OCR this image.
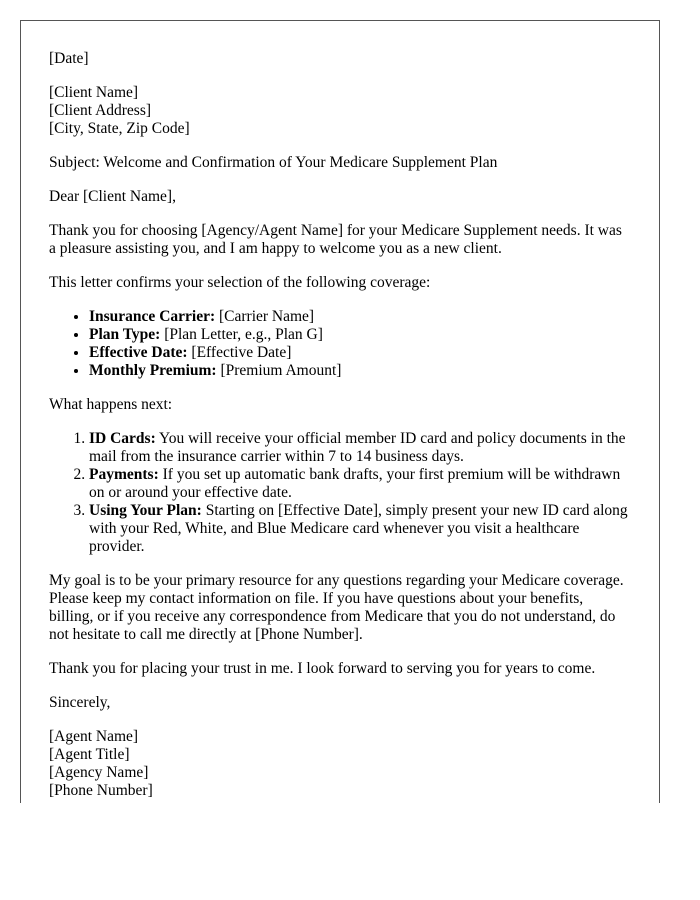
[Date]

[Client Name]
[Client Address]
[City, State, Zip Code]

Subject: Welcome and Confirmation of Your Medicare Supplement Plan

Dear [Client Name],

Thank you for choosing [Agency/Agent Name] for your Medicare Supplement needs. It was a pleasure assisting you, and I am happy to welcome you as a new client.

This letter confirms your selection of the following coverage:

• Insurance Carrier: [Carrier Name]
• Plan Type: [Plan Letter, e.g., Plan G]
• Effective Date: [Effective Date]
• Monthly Premium: [Premium Amount]

What happens next:

1. ID Cards: You will receive your official member ID card and policy documents in the mail from the insurance carrier within 7 to 14 business days.
2. Payments: If you set up automatic bank drafts, your first premium will be withdrawn on or around your effective date.
3. Using Your Plan: Starting on [Effective Date], simply present your new ID card along with your Red, White, and Blue Medicare card whenever you visit a healthcare provider.

My goal is to be your primary resource for any questions regarding your Medicare coverage. Please keep my contact information on file. If you have questions about your benefits, billing, or if you receive any correspondence from Medicare that you do not understand, do not hesitate to call me directly at [Phone Number].

Thank you for placing your trust in me. I look forward to serving you for years to come.

Sincerely,

[Agent Name]
[Agent Title]
[Agency Name]
[Phone Number]
